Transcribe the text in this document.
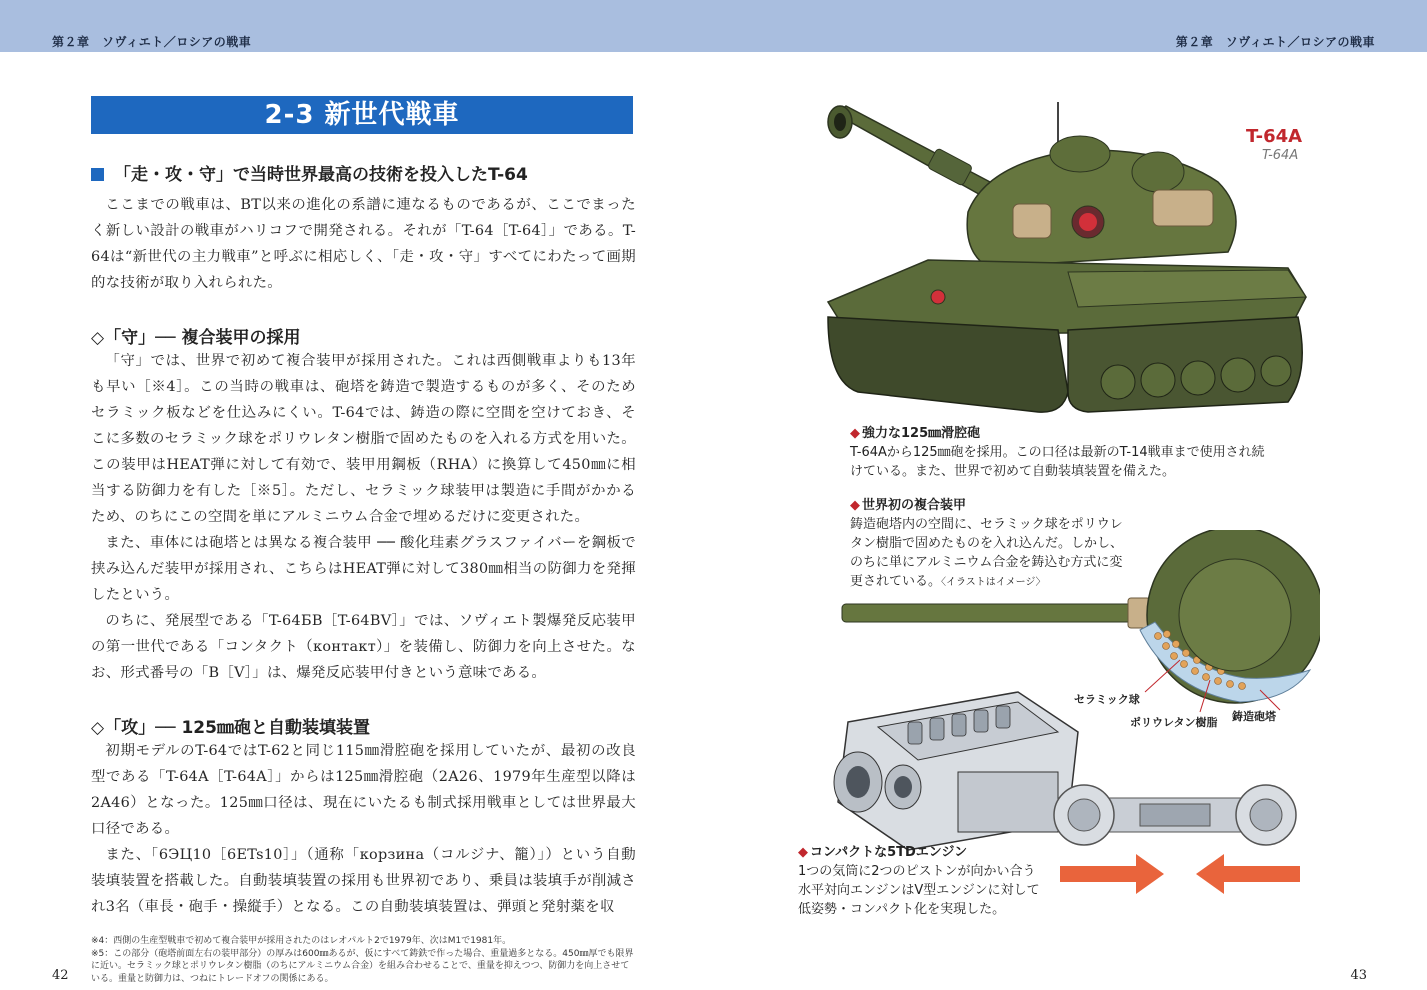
第２章　ソヴィエト／ロシアの戦車	第２章　ソヴィエト／ロシアの戦車
2-3 新世代戦車
「走・攻・守」で当時世界最高の技術を投入したT-64

ここまでの戦車は、BT以来の進化の系譜に連なるものであるが、ここでまったく新しい設計の戦車がハリコフで開発される。それが「T-64［T-64］」である。T-64は“新世代の主力戦車”と呼ぶに相応しく、「走・攻・守」すべてにわたって画期的な技術が取り入れられた。

◇「守」── 複合装甲の採用

「守」では、世界で初めて複合装甲が採用された。これは西側戦車よりも13年も早い［※4］。この当時の戦車は、砲塔を鋳造で製造するものが多く、そのためセラミック板などを仕込みにくい。T-64では、鋳造の際に空間を空けておき、そこに多数のセラミック球をポリウレタン樹脂で固めたものを入れる方式を用いた。この装甲はHEAT弾に対して有効で、装甲用鋼板（RHA）に換算して450㎜に相当する防御力を有した［※5］。ただし、セラミック球装甲は製造に手間がかかるため、のちにこの空間を単にアルミニウム合金で埋めるだけに変更された。

また、車体には砲塔とは異なる複合装甲 ── 酸化珪素グラスファイバーを鋼板で挟み込んだ装甲が採用され、こちらはHEAT弾に対して380㎜相当の防御力を発揮したという。

のちに、発展型である「T-64БВ［T-64BV］」では、ソヴィエト製爆発反応装甲の第一世代である「コンタクト（контакт）」を装備し、防御力を向上させた。なお、形式番号の「В［V］」は、爆発反応装甲付きという意味である。

◇「攻」── 125㎜砲と自動装填装置

初期モデルのT-64ではT-62と同じ115㎜滑腔砲を採用していたが、最初の改良型である「T-64A［T-64A］」からは125㎜滑腔砲（2A26、1979年生産型以降は2A46）となった。125㎜口径は、現在にいたるも制式採用戦車としては世界最大口径である。

また、「6ЭЦ10［6ETs10］」（通称「корзина（コルジナ、籠）」）という自動装填装置を搭載した。自動装填装置の採用も世界初であり、乗員は装填手が削減され3名（車長・砲手・操縦手）となる。この自動装填装置は、弾頭と発射薬を収

※4：西側の生産型戦車で初めて複合装甲が採用されたのはレオパルト2で1979年、次はM1で1981年。
※5：この部分（砲塔前面左右の装甲部分）の厚みは600㎜あるが、仮にすべて鋳鉄で作った場合、重量過多となる。450㎜厚でも限界に近い。セラミック球とポリウレタン樹脂（のちにアルミニウム合金）を組み合わせることで、重量を抑えつつ、防御力を向上させている。重量と防御力は、つねにトレードオフの関係にある。
42	43
T-64A
T-64A
◆ 強力な125㎜滑腔砲
T-64Aから125㎜砲を採用。この口径は最新のT-14戦車まで使用され続けている。また、世界で初めて自動装填装置を備えた。
◆ 世界初の複合装甲
鋳造砲塔内の空間に、セラミック球をポリウレタン樹脂で固めたものを入れ込んだ。しかし、のちに単にアルミニウム合金を鋳込む方式に変更されている。〈イラストはイメージ〉
セラミック球
ポリウレタン樹脂 鋳造砲塔
◆ コンパクトな5TDエンジン
1つの気筒に2つのピストンが向かい合う水平対向エンジンはV型エンジンに対して低姿勢・コンパクト化を実現した。
